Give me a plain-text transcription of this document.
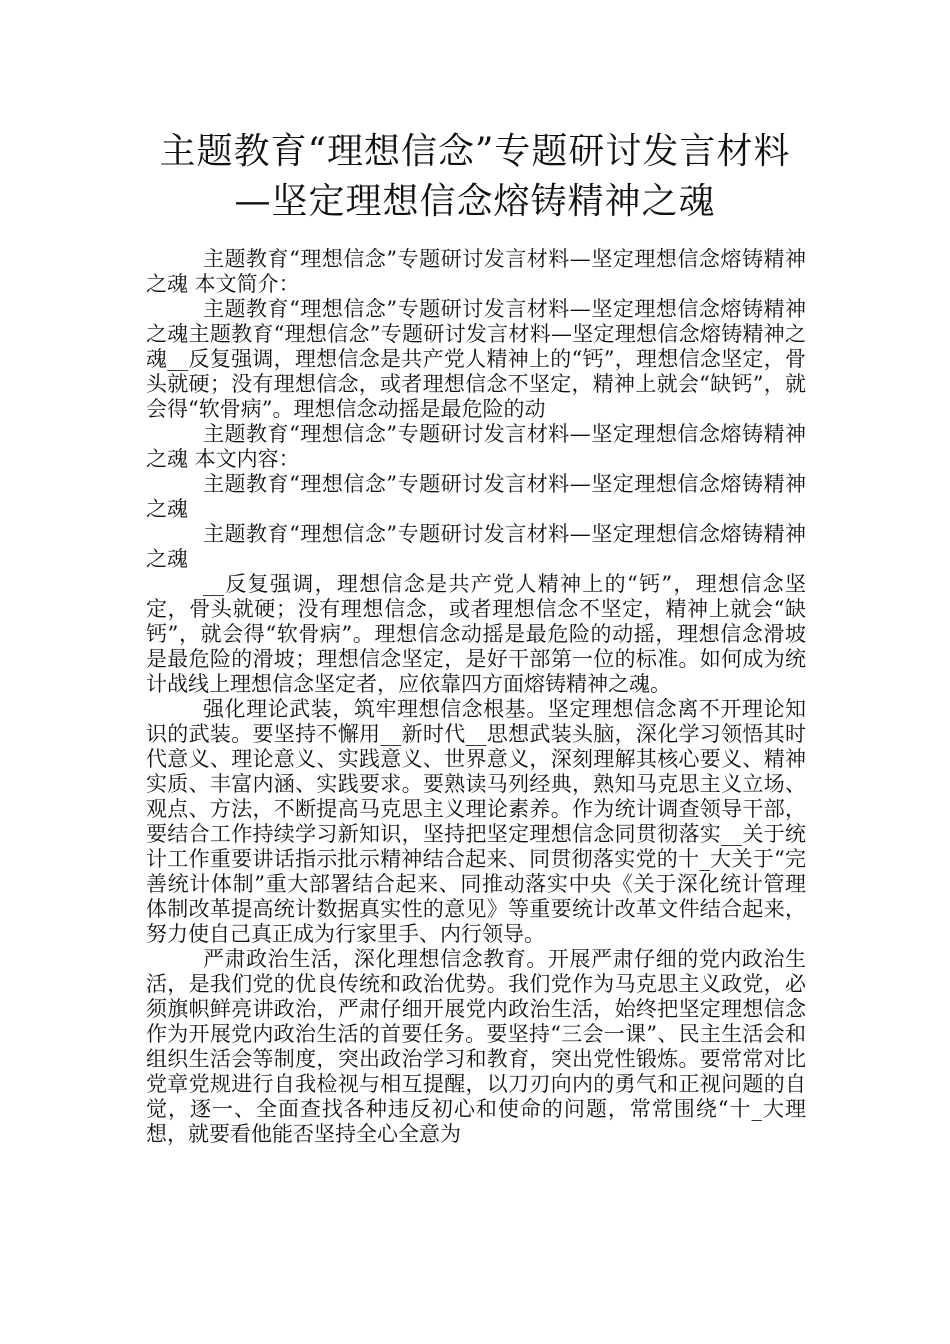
主题教育“理想信念”专题研讨发言材料
—坚定理想信念熔铸精神之魂

主题教育“理想信念”专题研讨发言材料—坚定理想信念熔铸精神之魂 本文简介：

主题教育“理想信念”专题研讨发言材料—坚定理想信念熔铸精神之魂主题教育“理想信念”专题研讨发言材料—坚定理想信念熔铸精神之魂__反复强调，理想信念是共产党人精神上的“钙”，理想信念坚定，骨头就硬；没有理想信念，或者理想信念不坚定，精神上就会“缺钙”，就会得“软骨病”。理想信念动摇是最危险的动

主题教育“理想信念”专题研讨发言材料—坚定理想信念熔铸精神之魂 本文内容：

主题教育“理想信念”专题研讨发言材料—坚定理想信念熔铸精神之魂

主题教育“理想信念”专题研讨发言材料—坚定理想信念熔铸精神之魂

__反复强调，理想信念是共产党人精神上的“钙”，理想信念坚定，骨头就硬；没有理想信念，或者理想信念不坚定，精神上就会“缺钙”，就会得“软骨病”。理想信念动摇是最危险的动摇，理想信念滑坡是最危险的滑坡；理想信念坚定，是好干部第一位的标准。如何成为统计战线上理想信念坚定者，应依靠四方面熔铸精神之魂。

强化理论武装，筑牢理想信念根基。坚定理想信念离不开理论知识的武装。要坚持不懈用__新时代__思想武装头脑，深化学习领悟其时代意义、理论意义、实践意义、世界意义，深刻理解其核心要义、精神实质、丰富内涵、实践要求。要熟读马列经典，熟知马克思主义立场、观点、方法，不断提高马克思主义理论素养。作为统计调查领导干部，要结合工作持续学习新知识，坚持把坚定理想信念同贯彻落实__关于统计工作重要讲话指示批示精神结合起来、同贯彻落实党的十_大关于“完善统计体制”重大部署结合起来、同推动落实中央《关于深化统计管理体制改革提高统计数据真实性的意见》等重要统计改革文件结合起来，努力使自己真正成为行家里手、内行领导。

严肃政治生活，深化理想信念教育。开展严肃仔细的党内政治生活，是我们党的优良传统和政治优势。我们党作为马克思主义政党，必须旗帜鲜亮讲政治，严肃仔细开展党内政治生活，始终把坚定理想信念作为开展党内政治生活的首要任务。要坚持“三会一课”、民主生活会和组织生活会等制度，突出政治学习和教育，突出党性锻炼。要常常对比党章党规进行自我检视与相互提醒，以刀刃向内的勇气和正视问题的自觉，逐一、全面查找各种违反初心和使命的问题，常常围绕“十_大理想，就要看他能否坚持全心全意为
